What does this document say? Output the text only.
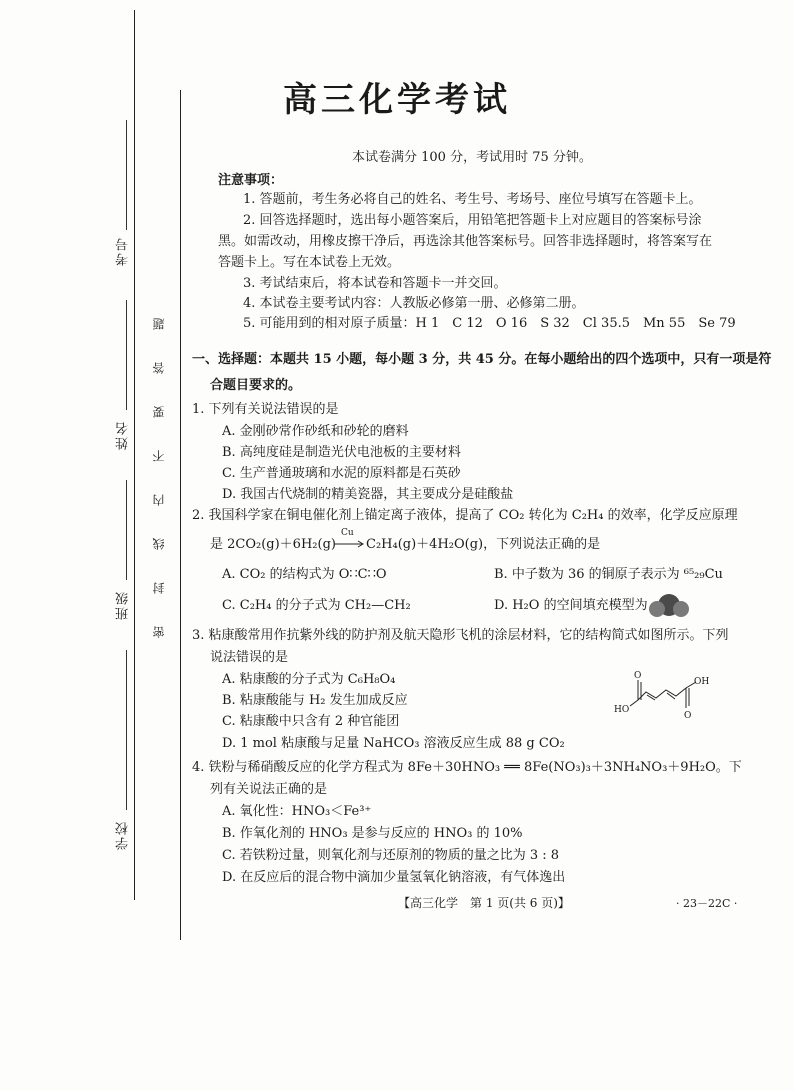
考号
姓名
班级
学校
题
答
要
不
内
线
封
密
高三化学考试
本试卷满分 100 分，考试用时 75 分钟。
注意事项：
1. 答题前，考生务必将自己的姓名、考生号、考场号、座位号填写在答题卡上。
2. 回答选择题时，选出每小题答案后，用铅笔把答题卡上对应题目的答案标号涂
黑。如需改动，用橡皮擦干净后，再选涂其他答案标号。回答非选择题时，将答案写在
答题卡上。写在本试卷上无效。
3. 考试结束后，将本试卷和答题卡一并交回。
4. 本试卷主要考试内容：人教版必修第一册、必修第二册。
5. 可能用到的相对原子质量：H 1　C 12　O 16　S 32　Cl 35.5　Mn 55　Se 79
一、选择题：本题共 15 小题，每小题 3 分，共 45 分。在每小题给出的四个选项中，只有一项是符
合题目要求的。
1. 下列有关说法错误的是
A. 金刚砂常作砂纸和砂轮的磨料
B. 高纯度硅是制造光伏电池板的主要材料
C. 生产普通玻璃和水泥的原料都是石英砂
D. 我国古代烧制的精美瓷器，其主要成分是硅酸盐
2. 我国科学家在铜电催化剂上锚定离子液体，提高了 CO₂ 转化为 C₂H₄ 的效率，化学反应原理
是 2CO₂(g)＋6H₂(g)
Cu
→ C₂H₄(g)＋4H₂O(g)，下列说法正确的是
A. CO₂ 的结构式为 O∷C∷O	B. 中子数为 36 的铜原子表示为 ⁶⁵₂₉Cu
C. C₂H₄ 的分子式为 CH₂—CH₂	D. H₂O 的空间填充模型为
3. 粘康酸常用作抗紫外线的防护剂及航天隐形飞机的涂层材料，它的结构简式如图所示。下列
说法错误的是
A. 粘康酸的分子式为 C₆H₈O₄
B. 粘康酸能与 H₂ 发生加成反应
C. 粘康酸中只含有 2 种官能团
D. 1 mol 粘康酸与足量 NaHCO₃ 溶液反应生成 88 g CO₂
O
OH
HO
O
4. 铁粉与稀硝酸反应的化学方程式为 8Fe＋30HNO₃ ══ 8Fe(NO₃)₃＋3NH₄NO₃＋9H₂O。下
列有关说法正确的是
A. 氧化性：HNO₃＜Fe³⁺
B. 作氧化剂的 HNO₃ 是参与反应的 HNO₃ 的 10%
C. 若铁粉过量，则氧化剂与还原剂的物质的量之比为 3 : 8
D. 在反应后的混合物中滴加少量氢氧化钠溶液，有气体逸出
【高三化学　第 1 页(共 6 页)】	· 23－22C ·
